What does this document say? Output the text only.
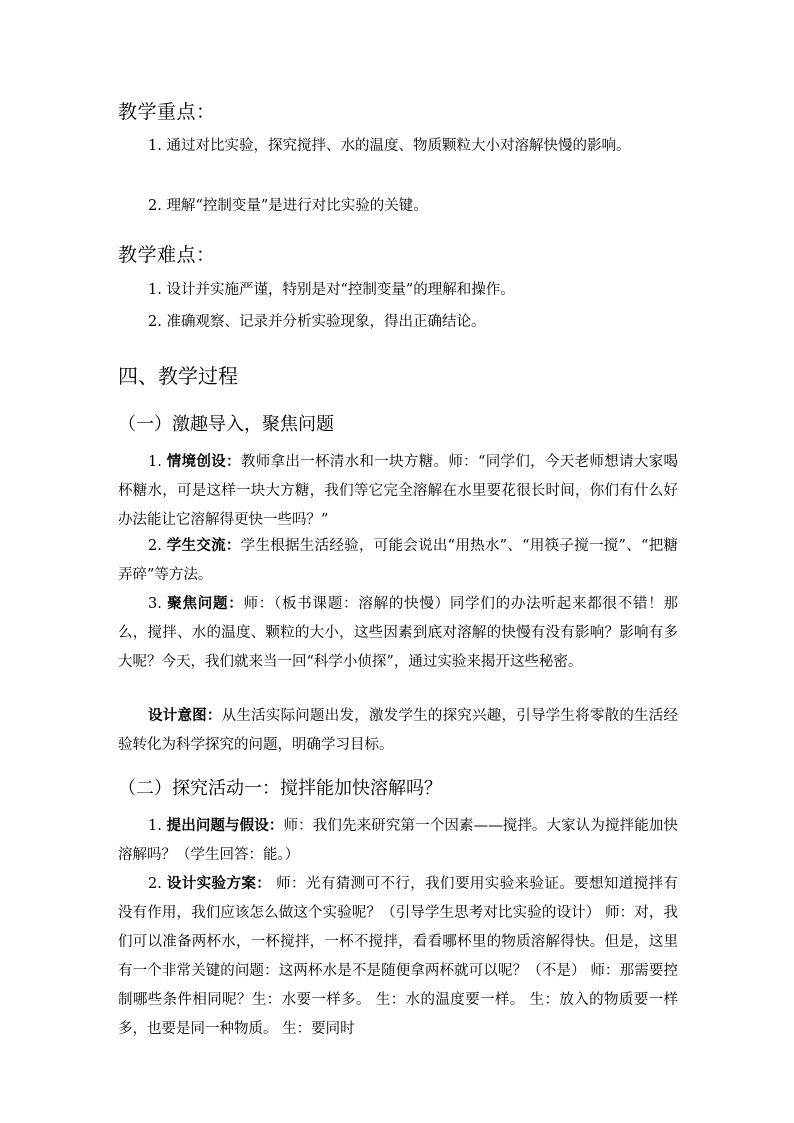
教学重点：
1. 通过对比实验，探究搅拌、水的温度、物质颗粒大小对溶解快慢的影响。
2. 理解“控制变量”是进行对比实验的关键。
教学难点：
1. 设计并实施严谨，特别是对“控制变量”的理解和操作。
2. 准确观察、记录并分析实验现象，得出正确结论。
四、教学过程
（一）激趣导入，聚焦问题
1. 情境创设：教师拿出一杯清水和一块方糖。师：“同学们，今天老师想请大家喝杯糖水，可是这样一块大方糖，我们等它完全溶解在水里要花很长时间，你们有什么好办法能让它溶解得更快一些吗？”
2. 学生交流：学生根据生活经验，可能会说出“用热水”、“用筷子搅一搅”、“把糖弄碎”等方法。
3. 聚焦问题：师：（板书课题：溶解的快慢）同学们的办法听起来都很不错！那么，搅拌、水的温度、颗粒的大小，这些因素到底对溶解的快慢有没有影响？影响有多大呢？今天，我们就来当一回“科学小侦探”，通过实验来揭开这些秘密。
设计意图：从生活实际问题出发，激发学生的探究兴趣，引导学生将零散的生活经验转化为科学探究的问题，明确学习目标。
（二）探究活动一：搅拌能加快溶解吗？
1. 提出问题与假设：师：我们先来研究第一个因素——搅拌。大家认为搅拌能加快溶解吗？（学生回答：能。）
2. 设计实验方案： 师：光有猜测可不行，我们要用实验来验证。要想知道搅拌有没有作用，我们应该怎么做这个实验呢？（引导学生思考对比实验的设计） 师：对，我们可以准备两杯水，一杯搅拌，一杯不搅拌，看看哪杯里的物质溶解得快。但是，这里有一个非常关键的问题：这两杯水是不是随便拿两杯就可以呢？（不是） 师：那需要控制哪些条件相同呢？生：水要一样多。 生：水的温度要一样。 生：放入的物质要一样多，也要是同一种物质。 生：要同时
